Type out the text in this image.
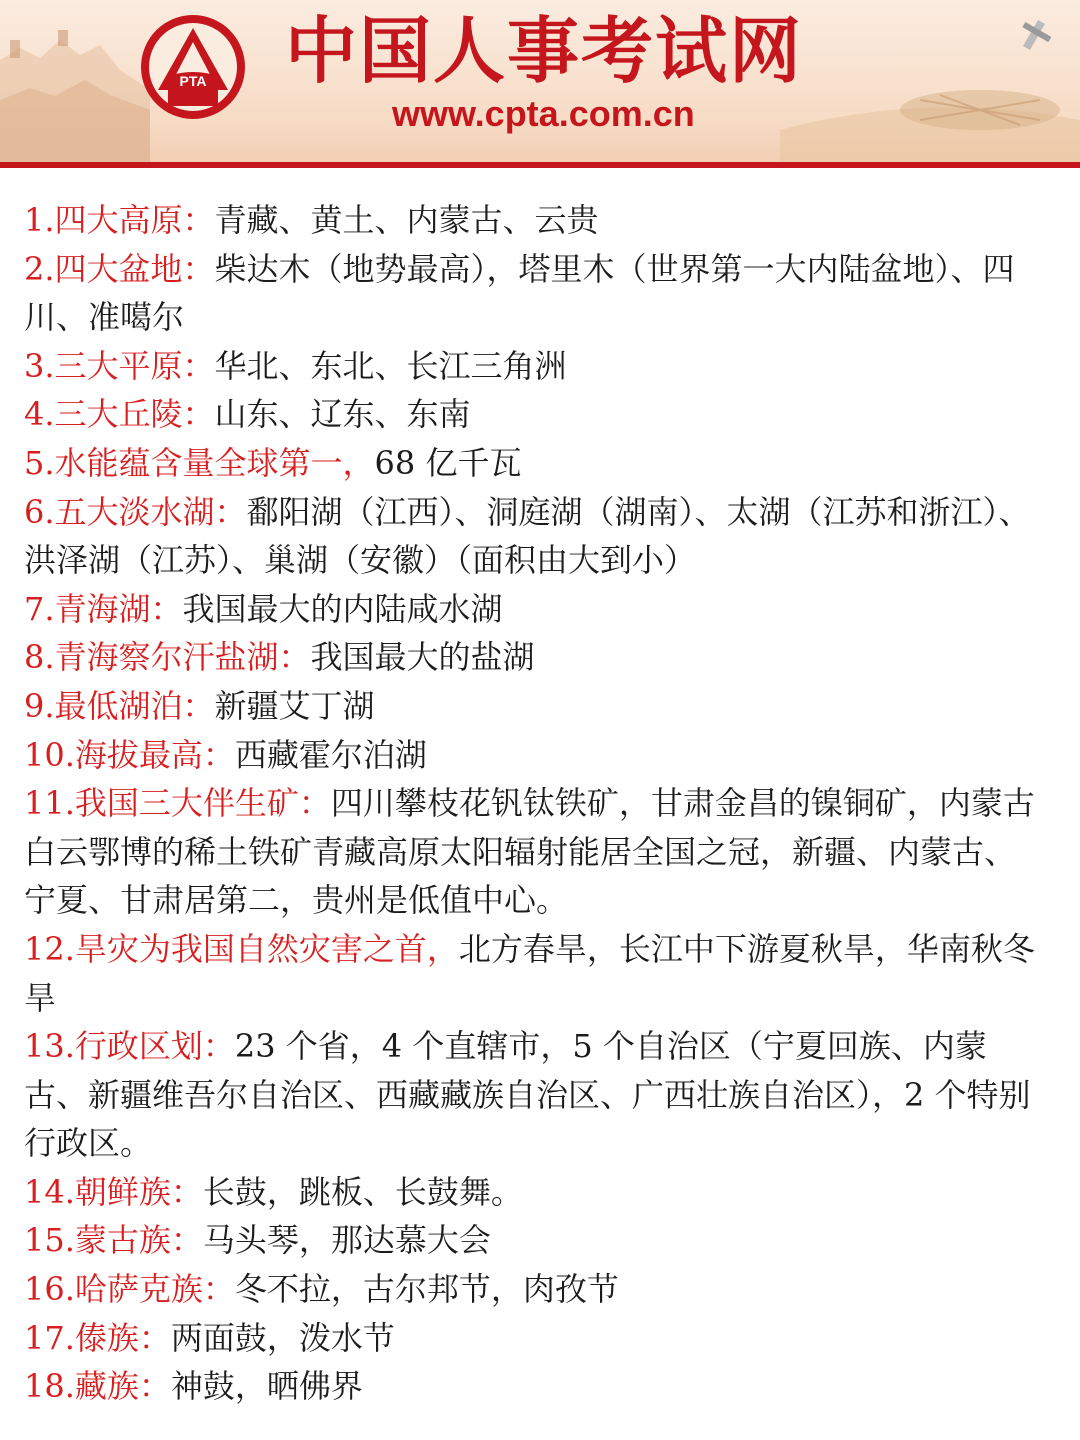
PTA 中国人事考试网
www.cpta.com.cn
1.四大高原：青藏、黄土、内蒙古、云贵
2.四大盆地：柴达木（地势最高），塔里木（世界第一大内陆盆地）、四川、准噶尔
3.三大平原：华北、东北、长江三角洲
4.三大丘陵：山东、辽东、东南
5.水能蕴含量全球第一，68 亿千瓦
6.五大淡水湖：鄱阳湖（江西）、洞庭湖（湖南）、太湖（江苏和浙江）、洪泽湖（江苏）、巢湖（安徽）（面积由大到小）
7.青海湖：我国最大的内陆咸水湖
8.青海察尔汗盐湖：我国最大的盐湖
9.最低湖泊：新疆艾丁湖
10.海拔最高：西藏霍尔泊湖
11.我国三大伴生矿：四川攀枝花钒钛铁矿，甘肃金昌的镍铜矿，内蒙古白云鄂博的稀土铁矿青藏高原太阳辐射能居全国之冠，新疆、内蒙古、宁夏、甘肃居第二，贵州是低值中心。
12.旱灾为我国自然灾害之首，北方春旱，长江中下游夏秋旱，华南秋冬旱
13.行政区划：23 个省，4 个直辖市，5 个自治区（宁夏回族、内蒙古、新疆维吾尔自治区、西藏藏族自治区、广西壮族自治区），2 个特别行政区。
14.朝鲜族：长鼓，跳板、长鼓舞。
15.蒙古族：马头琴，那达慕大会
16.哈萨克族：冬不拉，古尔邦节，肉孜节
17.傣族：两面鼓，泼水节
18.藏族：神鼓，晒佛界
